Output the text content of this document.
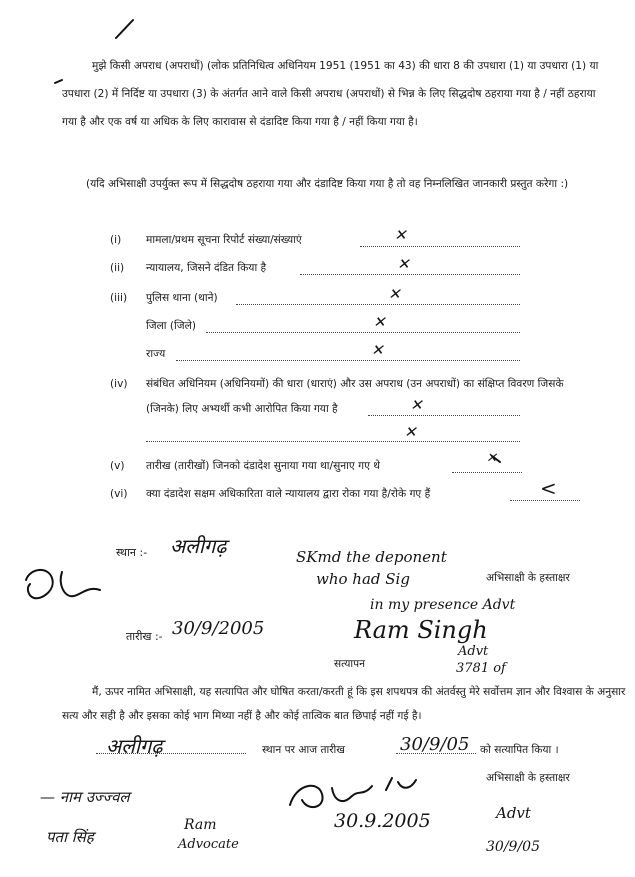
मुझे किसी अपराध (अपराधों) (लोक प्रतिनिधित्व अधिनियम 1951 (1951 का 43) की धारा 8 की उपधारा (1) या उपधारा (1) या उपधारा (2) में निर्दिष्ट या उपधारा (3) के अंतर्गत आने वाले किसी अपराध (अपराधों) से भिन्न के लिए सिद्धदोष ठहराया गया है / नहीं ठहराया गया है और एक वर्ष या अधिक के लिए कारावास से दंडादिष्ट किया गया है / नहीं किया गया है।
(यदि अभिसाक्षी उपर्युक्त रूप में सिद्धदोष ठहराया गया और दंडादिष्ट किया गया है तो वह निम्नलिखित जानकारी प्रस्तुत करेगा :)
(i) मामला/प्रथम सूचना रिपोर्ट संख्या/संख्याएं	✕
(ii) न्यायालय, जिसने दंडित किया है	✕
(iii) पुलिस थाना (थाने)	✕
जिला (जिले)	✕
राज्य	✕
(iv) संबंधित अधिनियम (अधिनियमों) की धारा (धाराएं) और उस अपराध (उन अपराधों) का संक्षिप्त विवरण जिसके
(जिनके) लिए अभ्यर्थी कभी आरोपित किया गया है	✕
✕
(v) तारीख (तारीखों) जिनको दंडादेश सुनाया गया था/सुनाए गए थे	✕
(vi) क्या दंडादेश सक्षम अधिकारिता वाले न्यायालय द्वारा रोका गया है/रोके गए हैं	<
स्थान :- अलीगढ़	SKmd the deponent
who had Sig	अभिसाक्षी के हस्ताक्षर
in my presence Advt
तारीख :- 30/9/2005	Ram Singh
Advt
3781 of
सत्यापन
मैं, ऊपर नामित अभिसाक्षी, यह सत्यापित और घोषित करता/करती हूं कि इस शपथपत्र की अंतर्वस्तु मेरे सर्वोत्तम ज्ञान और विश्वास के अनुसार सत्य और सही है और इसका कोई भाग मिथ्या नहीं है और कोई तात्विक बात छिपाई नहीं गई है।
अलीगढ़	स्थान पर आज तारीख	30/9/05 को सत्यापित किया ।
अभिसाक्षी के हस्ताक्षर
— नाम उज्ज्वल
पता सिंह
Ram
Advocate
30.9.2005	Advt
30/9/05
